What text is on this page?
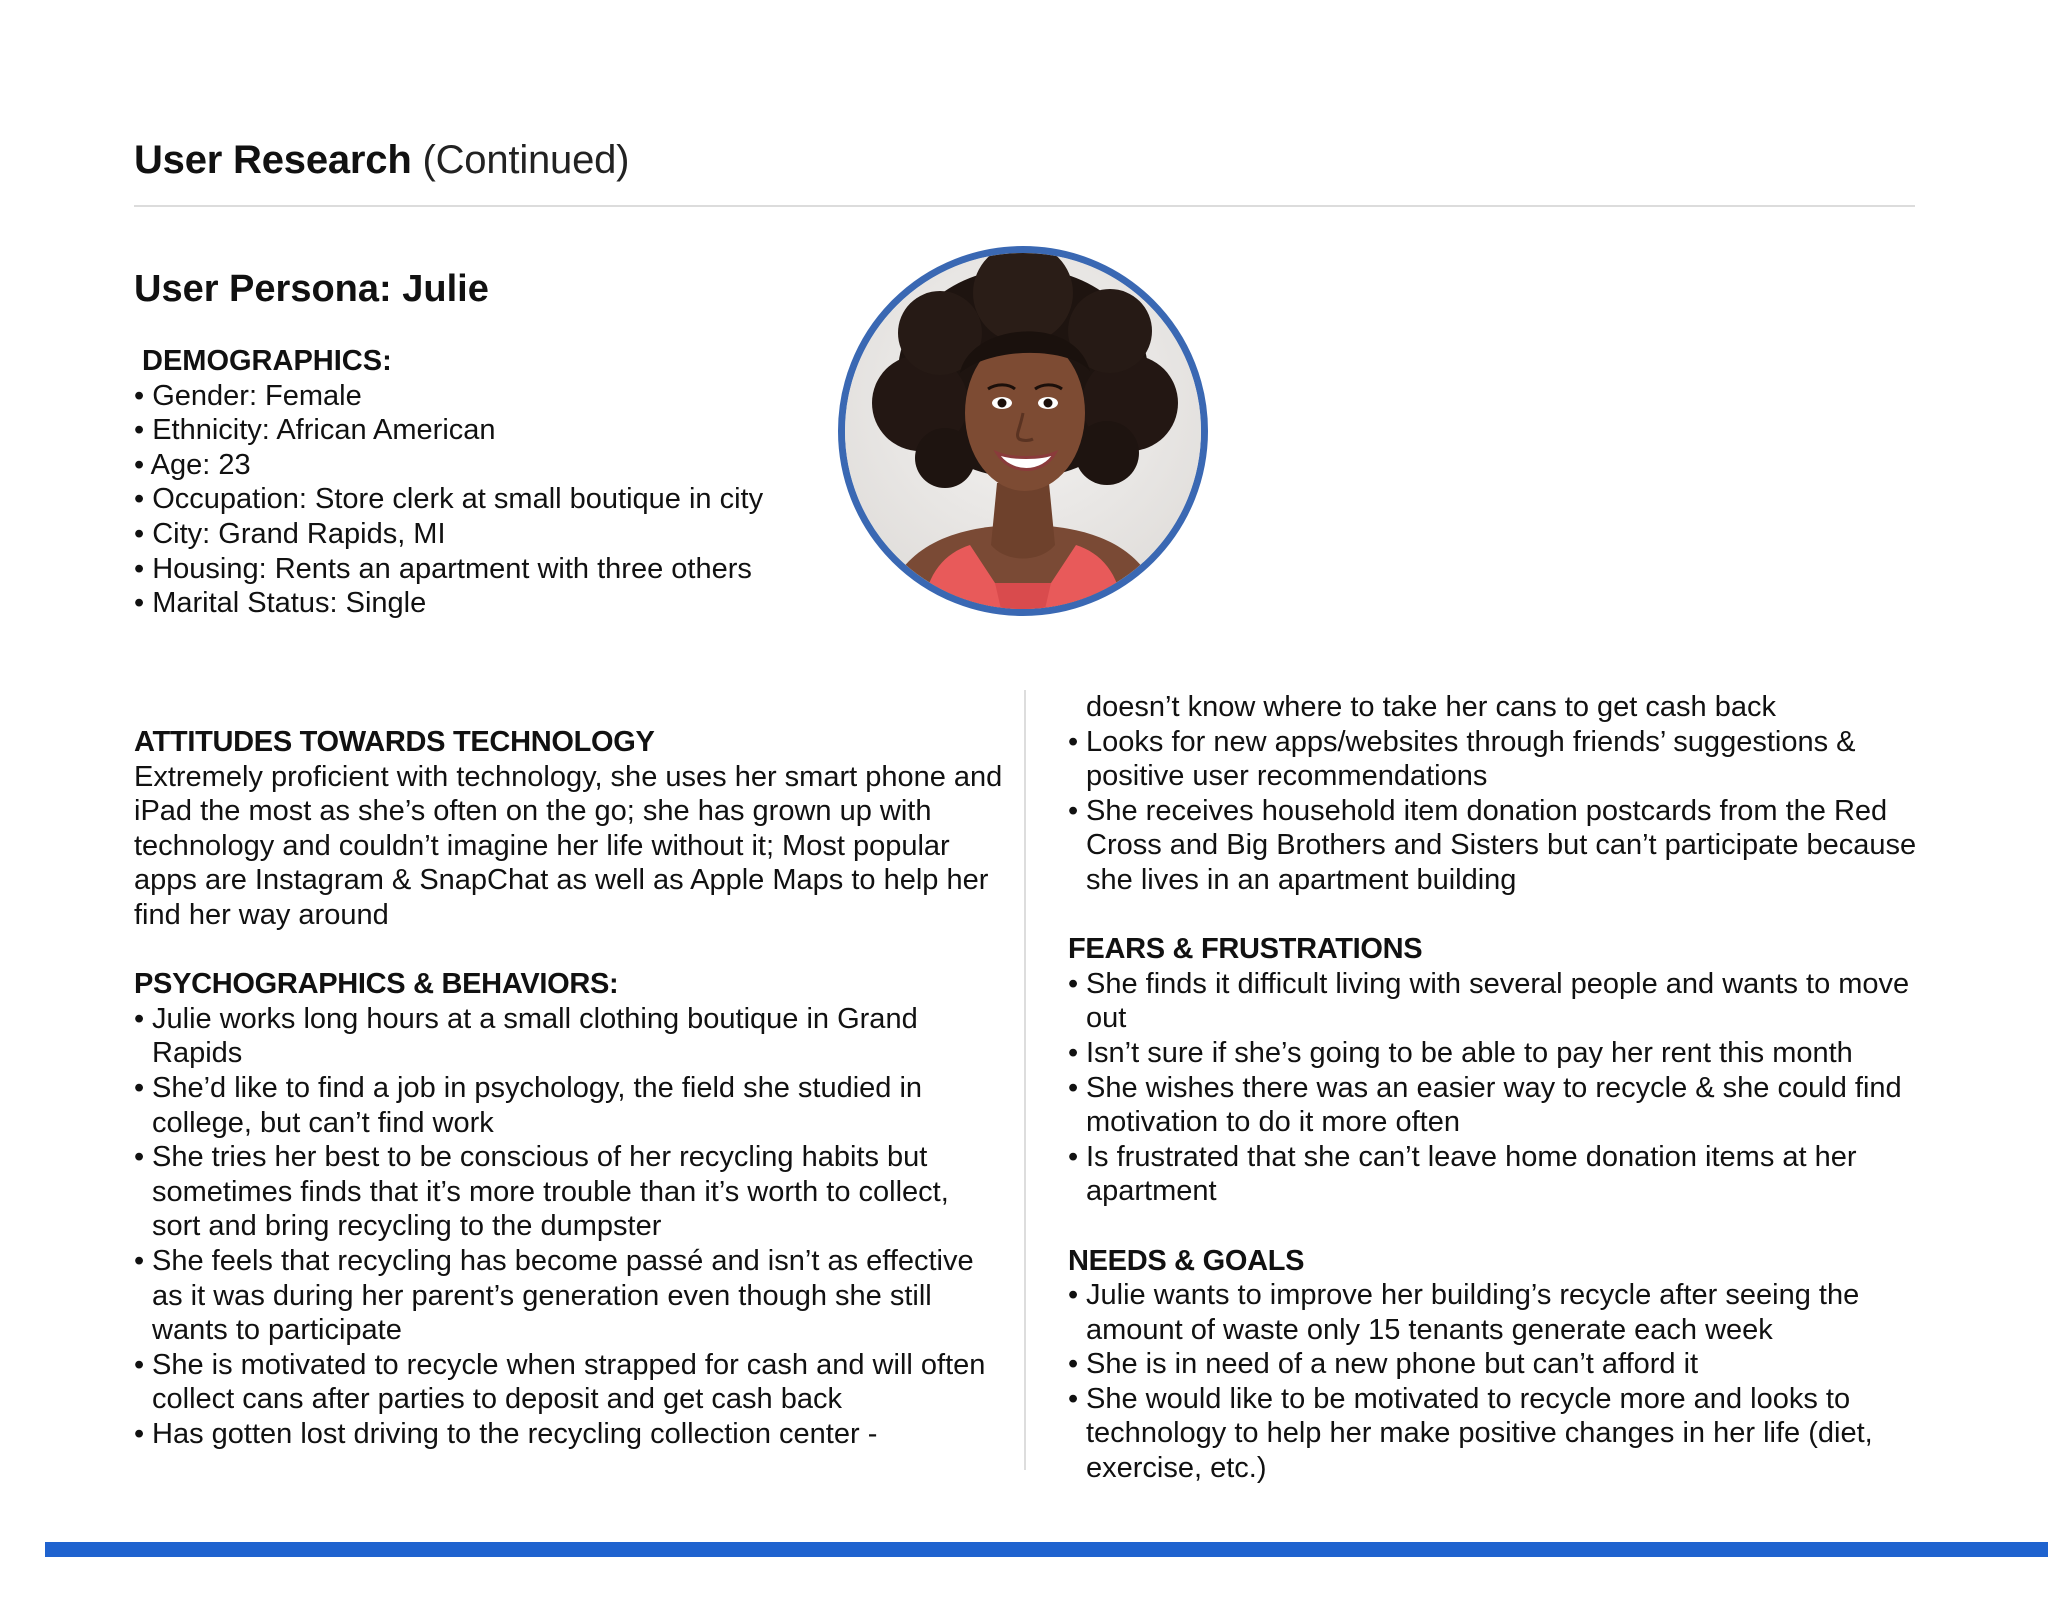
User Research (Continued)
User Persona: Julie
DEMOGRAPHICS:
• Gender: Female
• Ethnicity: African American
• Age: 23
• Occupation: Store clerk at small boutique in city
• City: Grand Rapids, MI
• Housing: Rents an apartment with three others
• Marital Status: Single
ATTITUDES TOWARDS TECHNOLOGY

Extremely proficient with technology, she uses her smart phone and iPad the most as she’s often on the go; she has grown up with technology and couldn’t imagine her life without it; Most popular apps are Instagram & SnapChat as well as Apple Maps to help her find her way around

PSYCHOGRAPHICS & BEHAVIORS:
• Julie works long hours at a small clothing boutique in Grand Rapids
• She’d like to find a job in psychology, the field she studied in college, but can’t find work
• She tries her best to be conscious of her recycling habits but sometimes finds that it’s more trouble than it’s worth to collect, sort and bring recycling to the dumpster
• She feels that recycling has become passé and isn’t as effective as it was during her parent’s generation even though she still wants to participate
• She is motivated to recycle when strapped for cash and will often collect cans after parties to deposit and get cash back
• Has gotten lost driving to the recycling collection center -
doesn’t know where to take her cans to get cash back
• Looks for new apps/websites through friends’ suggestions & positive user recommendations
• She receives household item donation postcards from the Red Cross and Big Brothers and Sisters but can’t participate because she lives in an apartment building
FEARS & FRUSTRATIONS
• She finds it difficult living with several people and wants to move out
• Isn’t sure if she’s going to be able to pay her rent this month
• She wishes there was an easier way to recycle & she could find motivation to do it more often
• Is frustrated that she can’t leave home donation items at her apartment
NEEDS & GOALS
• Julie wants to improve her building’s recycle after seeing the amount of waste only 15 tenants generate each week
• She is in need of a new phone but can’t afford it
• She would like to be motivated to recycle more and looks to technology to help her make positive changes in her life (diet, exercise, etc.)
